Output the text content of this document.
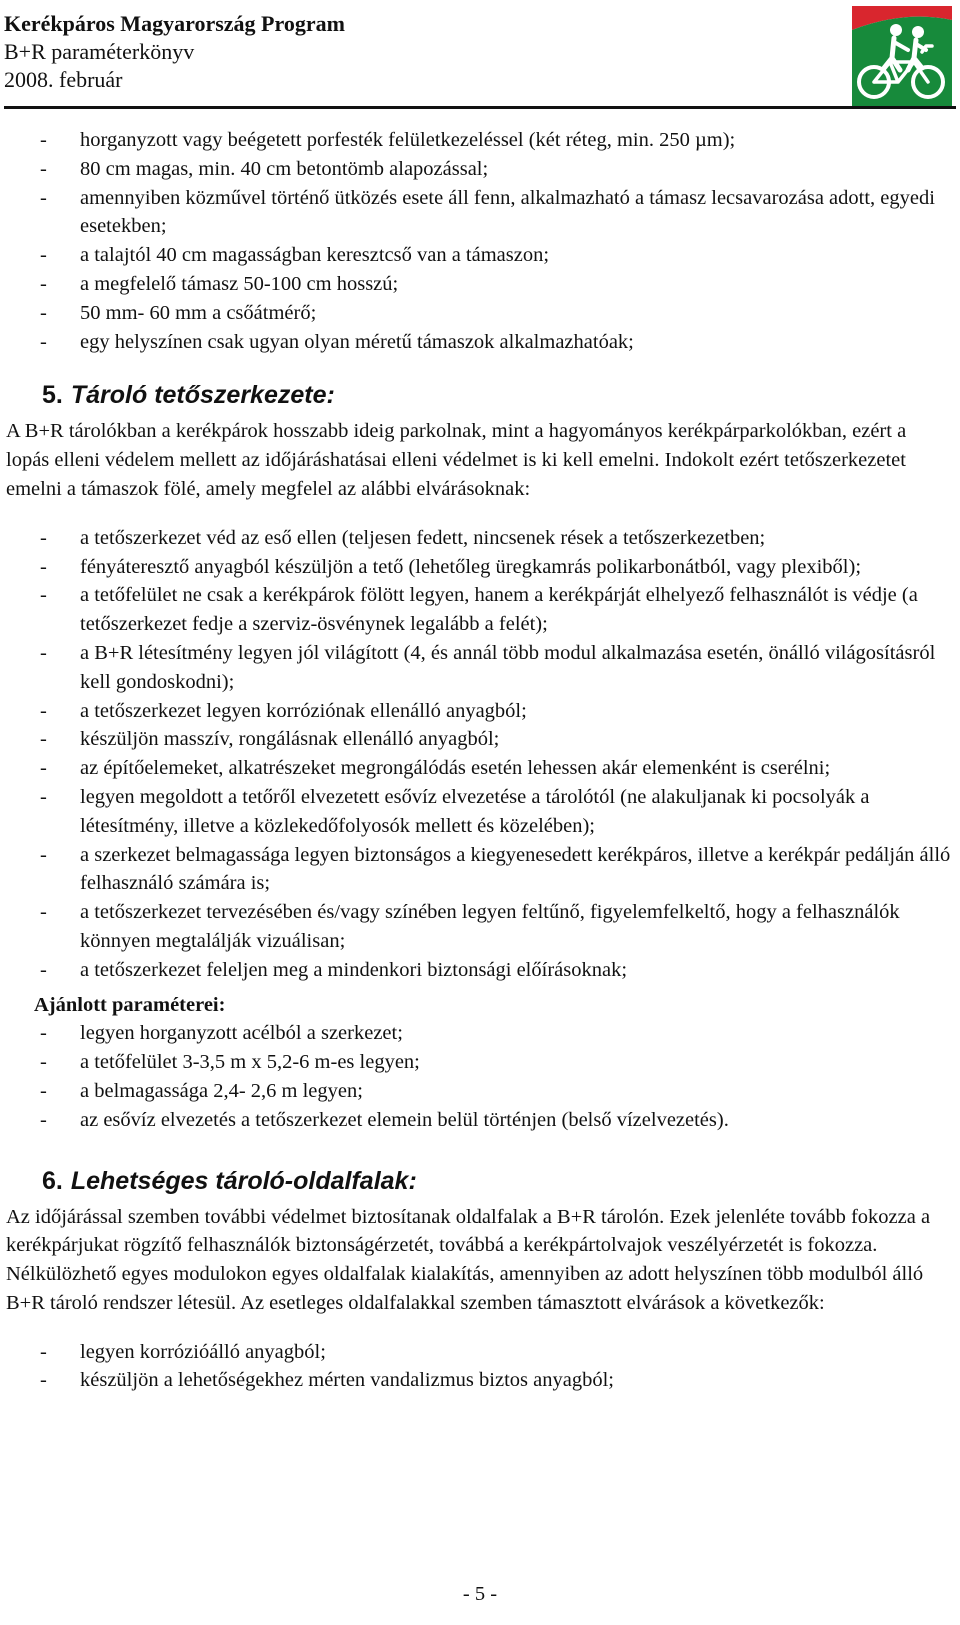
Kerékpáros Magyarország Program
B+R paraméterkönyv
2008. február
- horganyzott vagy beégetett porfesték felületkezeléssel (két réteg, min. 250 µm);
- 80 cm magas, min. 40 cm betontömb alapozással;
- amennyiben közművel történő ütközés esete áll fenn, alkalmazható a támasz lecsavarozása adott, egyedi esetekben;
- a talajtól 40 cm magasságban keresztcső van a támaszon;
- a megfelelő támasz 50-100 cm hosszú;
- 50 mm- 60 mm a csőátmérő;
- egy helyszínen csak ugyan olyan méretű támaszok alkalmazhatóak;
5. Tároló tetőszerkezete:

A B+R tárolókban a kerékpárok hosszabb ideig parkolnak, mint a hagyományos kerékpárparkolókban, ezért a lopás elleni védelem mellett az időjáráshatásai elleni védelmet is ki kell emelni. Indokolt ezért tetőszerkezetet emelni a támaszok fölé, amely megfelel az alábbi elvárásoknak:

- a tetőszerkezet véd az eső ellen (teljesen fedett, nincsenek rések a tetőszerkezetben;
- fényáteresztő anyagból készüljön a tető (lehetőleg üregkamrás polikarbonátból, vagy plexiből);
- a tetőfelület ne csak a kerékpárok fölött legyen, hanem a kerékpárját elhelyező felhasználót is védje (a tetőszerkezet fedje a szerviz-ösvénynek legalább a felét);
- a B+R létesítmény legyen jól világított (4, és annál több modul alkalmazása esetén, önálló világosításról kell gondoskodni);
- a tetőszerkezet legyen korróziónak ellenálló anyagból;
- készüljön masszív, rongálásnak ellenálló anyagból;
- az építőelemeket, alkatrészeket megrongálódás esetén lehessen akár elemenként is cserélni;
- legyen megoldott a tetőről elvezetett esővíz elvezetése a tárolótól (ne alakuljanak ki pocsolyák a létesítmény, illetve a közlekedőfolyosók mellett és közelében);
- a szerkezet belmagassága legyen biztonságos a kiegyenesedett kerékpáros, illetve a kerékpár pedálján álló felhasználó számára is;
- a tetőszerkezet tervezésében és/vagy színében legyen feltűnő, figyelemfelkeltő, hogy a felhasználók könnyen megtalálják vizuálisan;
- a tetőszerkezet feleljen meg a mindenkori biztonsági előírásoknak;
Ajánlott paraméterei:
- legyen horganyzott acélból a szerkezet;
- a tetőfelület 3-3,5 m x 5,2-6 m-es legyen;
- a belmagassága 2,4- 2,6 m legyen;
- az esővíz elvezetés a tetőszerkezet elemein belül történjen (belső vízelvezetés).
6. Lehetséges tároló-oldalfalak:

Az időjárással szemben további védelmet biztosítanak oldalfalak a B+R tárolón. Ezek jelenléte tovább fokozza a kerékpárjukat rögzítő felhasználók biztonságérzetét, továbbá a kerékpártolvajok veszélyérzetét is fokozza. Nélkülözhető egyes modulokon egyes oldalfalak kialakítás, amennyiben az adott helyszínen több modulból álló B+R tároló rendszer létesül. Az esetleges oldalfalakkal szemben támasztott elvárások a következők:

- legyen korrózióálló anyagból;
- készüljön a lehetőségekhez mérten vandalizmus biztos anyagból;
- 5 -
